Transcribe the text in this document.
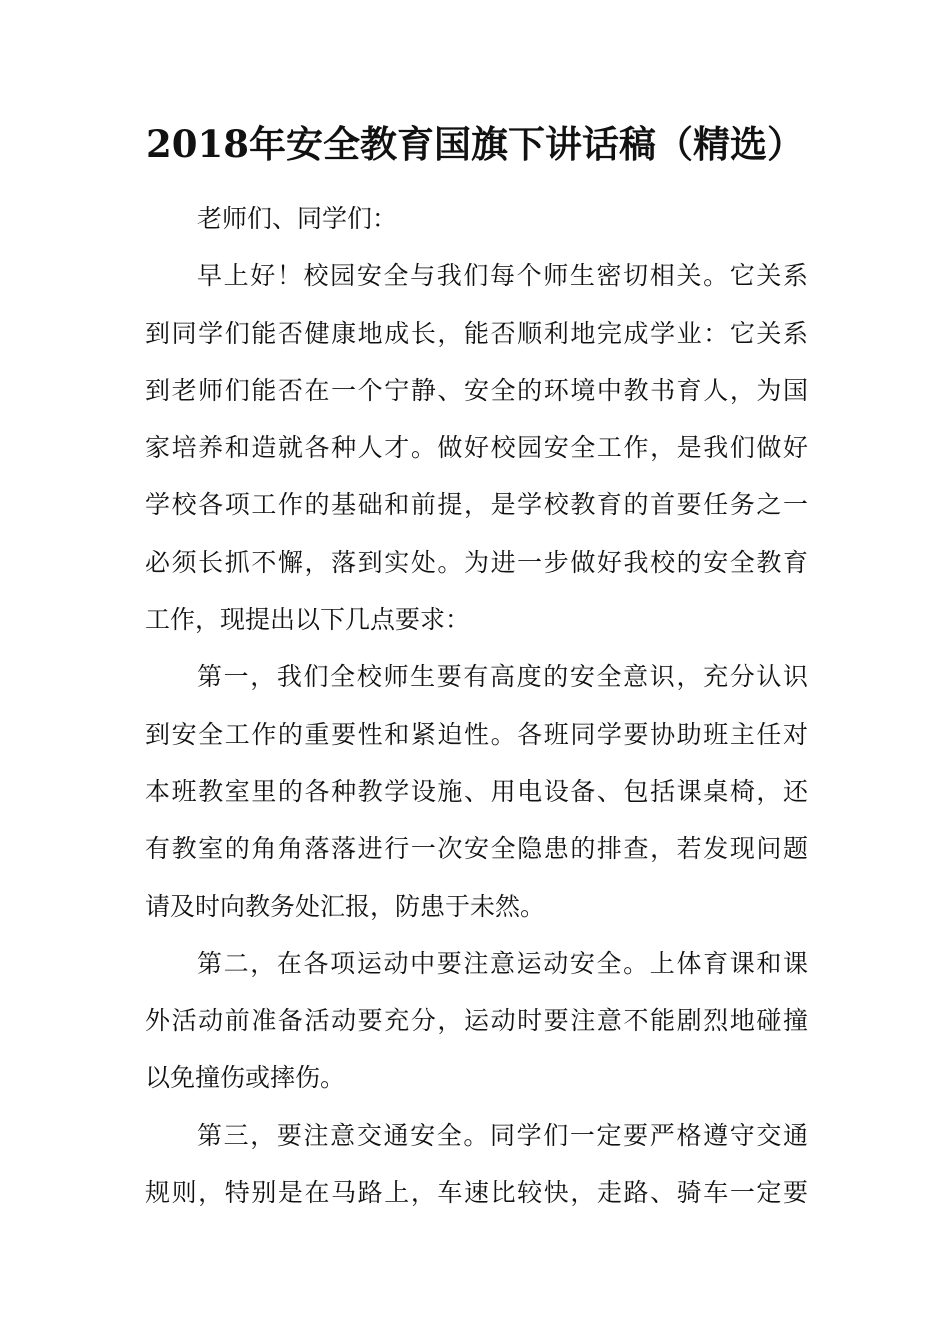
2018年安全教育国旗下讲话稿（精选）
老师们、同学们：
早上好！校园安全与我们每个师生密切相关。它关系
到同学们能否健康地成长，能否顺利地完成学业：它关系
到老师们能否在一个宁静、安全的环境中教书育人，为国
家培养和造就各种人才。做好校园安全工作，是我们做好
学校各项工作的基础和前提，是学校教育的首要任务之一
必须长抓不懈，落到实处。为进一步做好我校的安全教育
工作，现提出以下几点要求：
第一，我们全校师生要有高度的安全意识，充分认识
到安全工作的重要性和紧迫性。各班同学要协助班主任对
本班教室里的各种教学设施、用电设备、包括课桌椅，还
有教室的角角落落进行一次安全隐患的排查，若发现问题
请及时向教务处汇报，防患于未然。
第二，在各项运动中要注意运动安全。上体育课和课
外活动前准备活动要充分，运动时要注意不能剧烈地碰撞
以免撞伤或摔伤。
第三，要注意交通安全。同学们一定要严格遵守交通
规则，特别是在马路上，车速比较快，走路、骑车一定要
